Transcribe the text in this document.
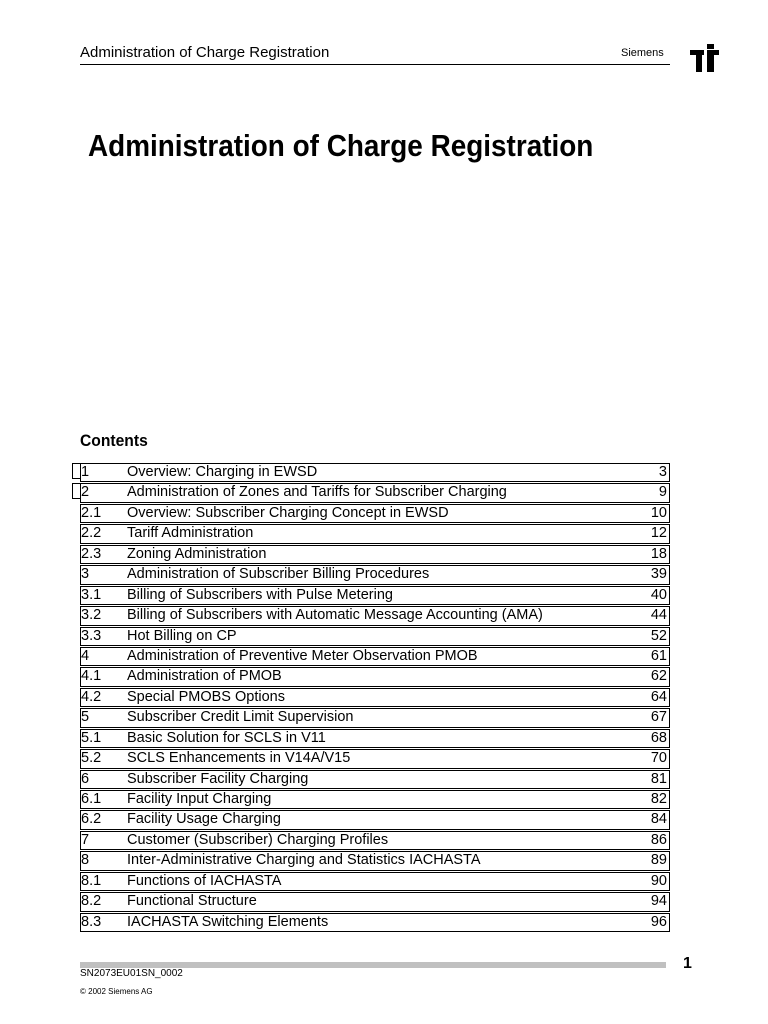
Administration of Charge Registration	Siemens
Administration of Charge Registration
Contents
1	Overview: Charging in EWSD	3
2	Administration of Zones and Tariffs for Subscriber Charging	9
2.1 Overview: Subscriber Charging Concept in EWSD	10
2.2 Tariff Administration	12
2.3 Zoning Administration	18
3	Administration of Subscriber Billing Procedures	39
3.1 Billing of Subscribers with Pulse Metering	40
3.2 Billing of Subscribers with Automatic Message Accounting (AMA)	44
3.3 Hot Billing on CP	52
4	Administration of Preventive Meter Observation PMOB	61
4.1 Administration of PMOB	62
4.2 Special PMOBS Options	64
5	Subscriber Credit Limit Supervision	67
5.1 Basic Solution for SCLS in V11	68
5.2 SCLS Enhancements in V14A/V15	70
6	Subscriber Facility Charging	81
6.1 Facility Input Charging	82
6.2 Facility Usage Charging	84
7	Customer (Subscriber) Charging Profiles	86
8	Inter-Administrative Charging and Statistics IACHASTA	89
8.1 Functions of IACHASTA	90
8.2 Functional Structure	94
8.3 IACHASTA Switching Elements	96
1
SN2073EU01SN_0002
© 2002 Siemens AG
